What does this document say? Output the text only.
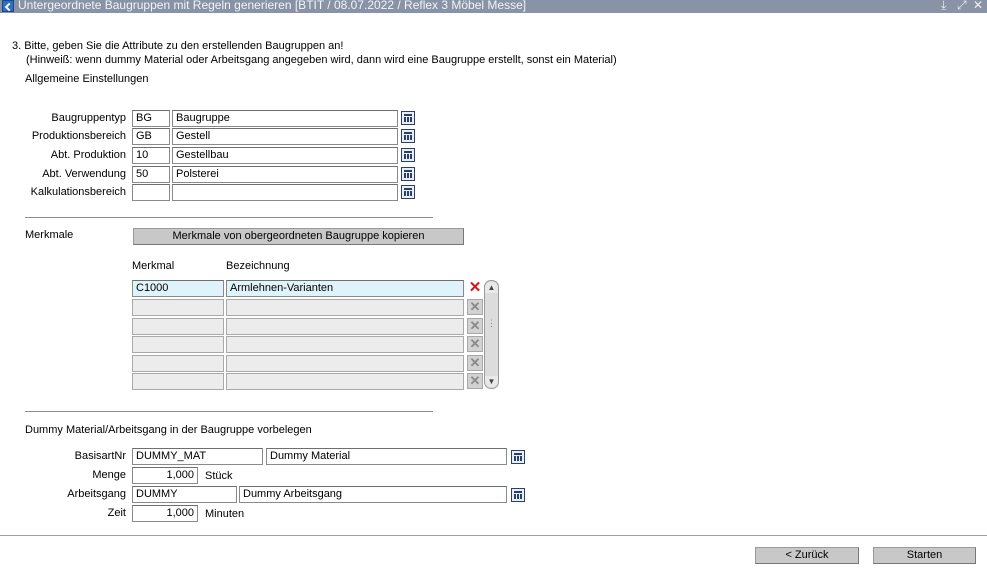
Untergeordnete Baugruppen mit Regeln generieren [BTIT / 08.07.2022 / Reflex 3 Möbel Messe]	⤓ ⤢ ✕
3. Bitte, geben Sie die Attribute zu den erstellenden Baugruppen an!
(Hinweiß: wenn dummy Material oder Arbeitsgang angegeben wird, dann wird eine Baugruppe erstellt, sonst ein Material)
Allgemeine Einstellungen
Baugruppentyp BG	Baugruppe
Produktionsbereich GB	Gestell
Abt. Produktion 10	Gestellbau
Abt. Verwendung 50	Polsterei
Kalkulationsbereich
Merkmale	Merkmale von obergeordneten Baugruppe kopieren
Merkmal	Bezeichnung
C1000	Armlehnen-Varianten	✕
✕
✕
✕
✕
✕
▲
⋮
▼
Dummy Material/Arbeitsgang in der Baugruppe vorbelegen
BasisartNr DUMMY_MAT	Dummy Material
Menge	1,000	Stück
Arbeitsgang DUMMY	Dummy Arbeitsgang
Zeit	1,000	Minuten
< Zurück	Starten
